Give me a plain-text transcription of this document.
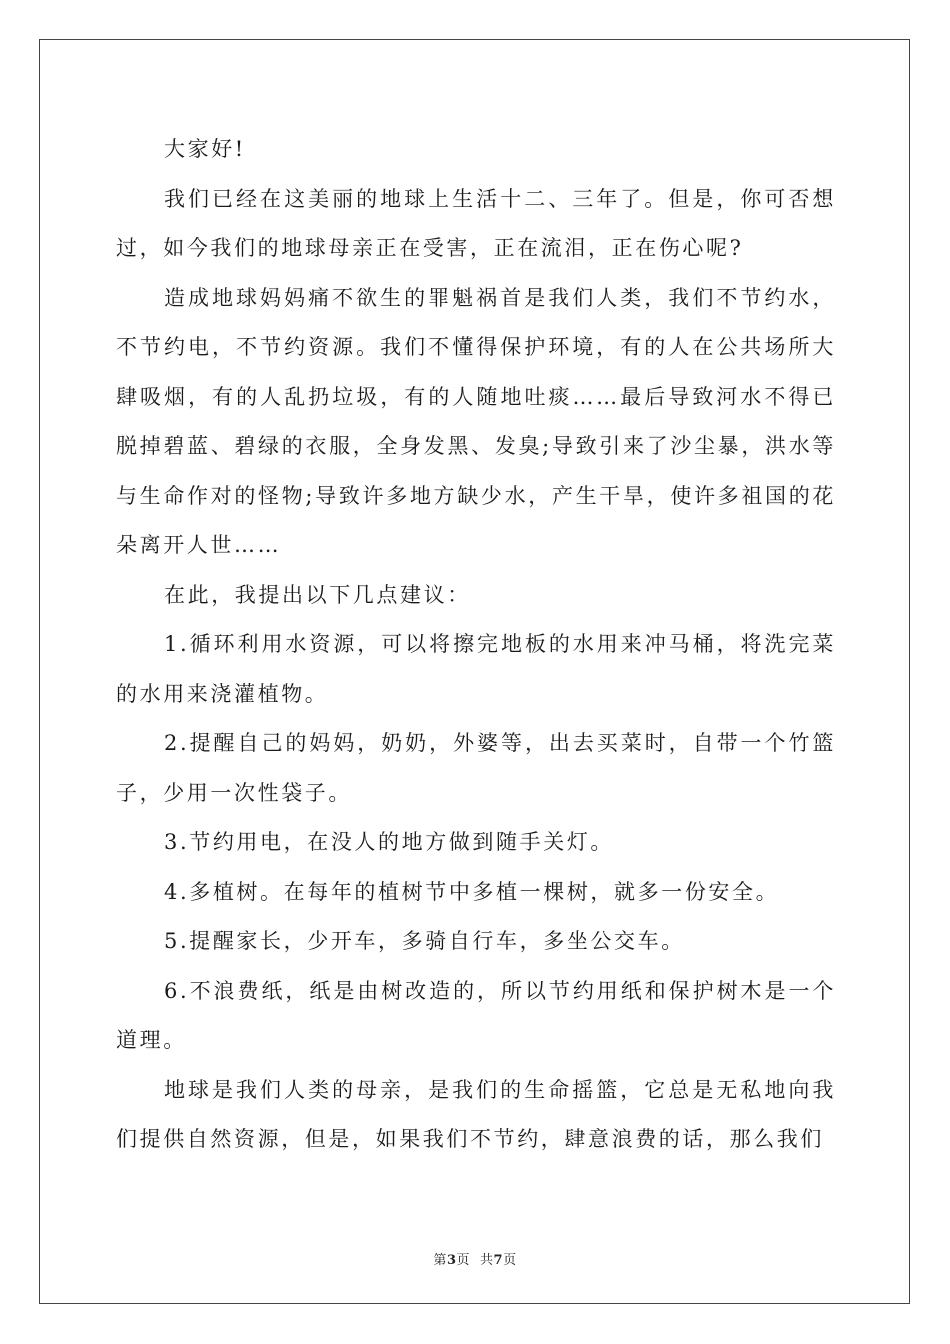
大家好!

我们已经在这美丽的地球上生活十二、三年了。但是，你可否想过，如今我们的地球母亲正在受害，正在流泪，正在伤心呢?

造成地球妈妈痛不欲生的罪魁祸首是我们人类，我们不节约水，不节约电，不节约资源。我们不懂得保护环境，有的人在公共场所大肆吸烟，有的人乱扔垃圾，有的人随地吐痰……最后导致河水不得已脱掉碧蓝、碧绿的衣服，全身发黑、发臭;导致引来了沙尘暴，洪水等与生命作对的怪物;导致许多地方缺少水，产生干旱，使许多祖国的花朵离开人世……

在此，我提出以下几点建议：

1.循环利用水资源，可以将擦完地板的水用来冲马桶，将洗完菜的水用来浇灌植物。

2.提醒自己的妈妈，奶奶，外婆等，出去买菜时，自带一个竹篮子，少用一次性袋子。

3.节约用电，在没人的地方做到随手关灯。

4.多植树。在每年的植树节中多植一棵树，就多一份安全。

5.提醒家长，少开车，多骑自行车，多坐公交车。

6.不浪费纸，纸是由树改造的，所以节约用纸和保护树木是一个道理。

地球是我们人类的母亲，是我们的生命摇篮，它总是无私地向我们提供自然资源，但是，如果我们不节约，肆意浪费的话，那么我们

第3页 共7页
